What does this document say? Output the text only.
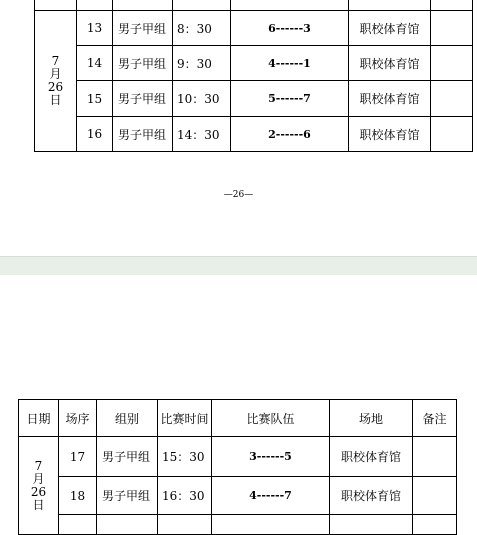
7
月
26
日	13	男子甲组	8：30	6------3	职校体育馆	
	14	男子甲组	9：30	4------1	职校体育馆	
	15	男子甲组	10：30	5------7	职校体育馆	
	16	男子甲组	14：30	2------6	职校体育馆	
—26—
日期	场序	组别	比赛时间	比赛队伍	场地	备注

7
月
26
日	17	男子甲组	15：30	3------5	职校体育馆	
	18	男子甲组	16：30	4------7	职校体育馆	
